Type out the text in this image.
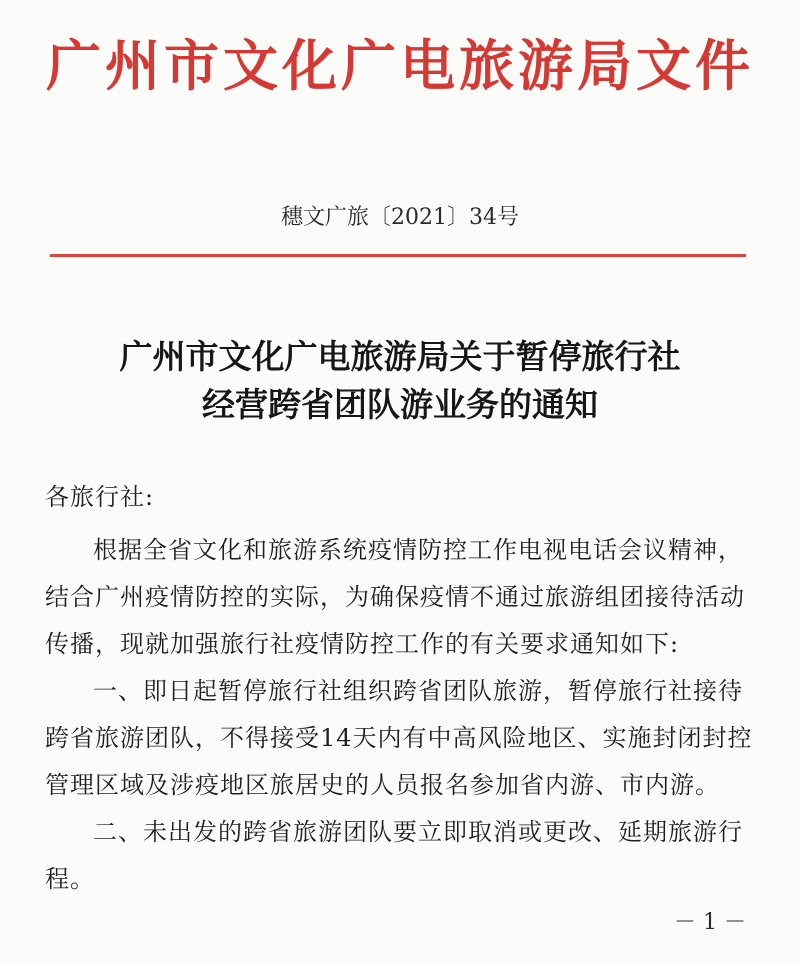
广州市文化广电旅游局文件
穗文广旅〔2021〕34号
广州市文化广电旅游局关于暂停旅行社
经营跨省团队游业务的通知
各旅行社:
根据全省文化和旅游系统疫情防控工作电视电话会议精神，
结合广州疫情防控的实际，为确保疫情不通过旅游组团接待活动
传播，现就加强旅行社疫情防控工作的有关要求通知如下:
一、即日起暂停旅行社组织跨省团队旅游，暂停旅行社接待
跨省旅游团队，不得接受14天内有中高风险地区、实施封闭封控
管理区域及涉疫地区旅居史的人员报名参加省内游、市内游。
二、未出发的跨省旅游团队要立即取消或更改、延期旅游行
程。
－ 1 －
